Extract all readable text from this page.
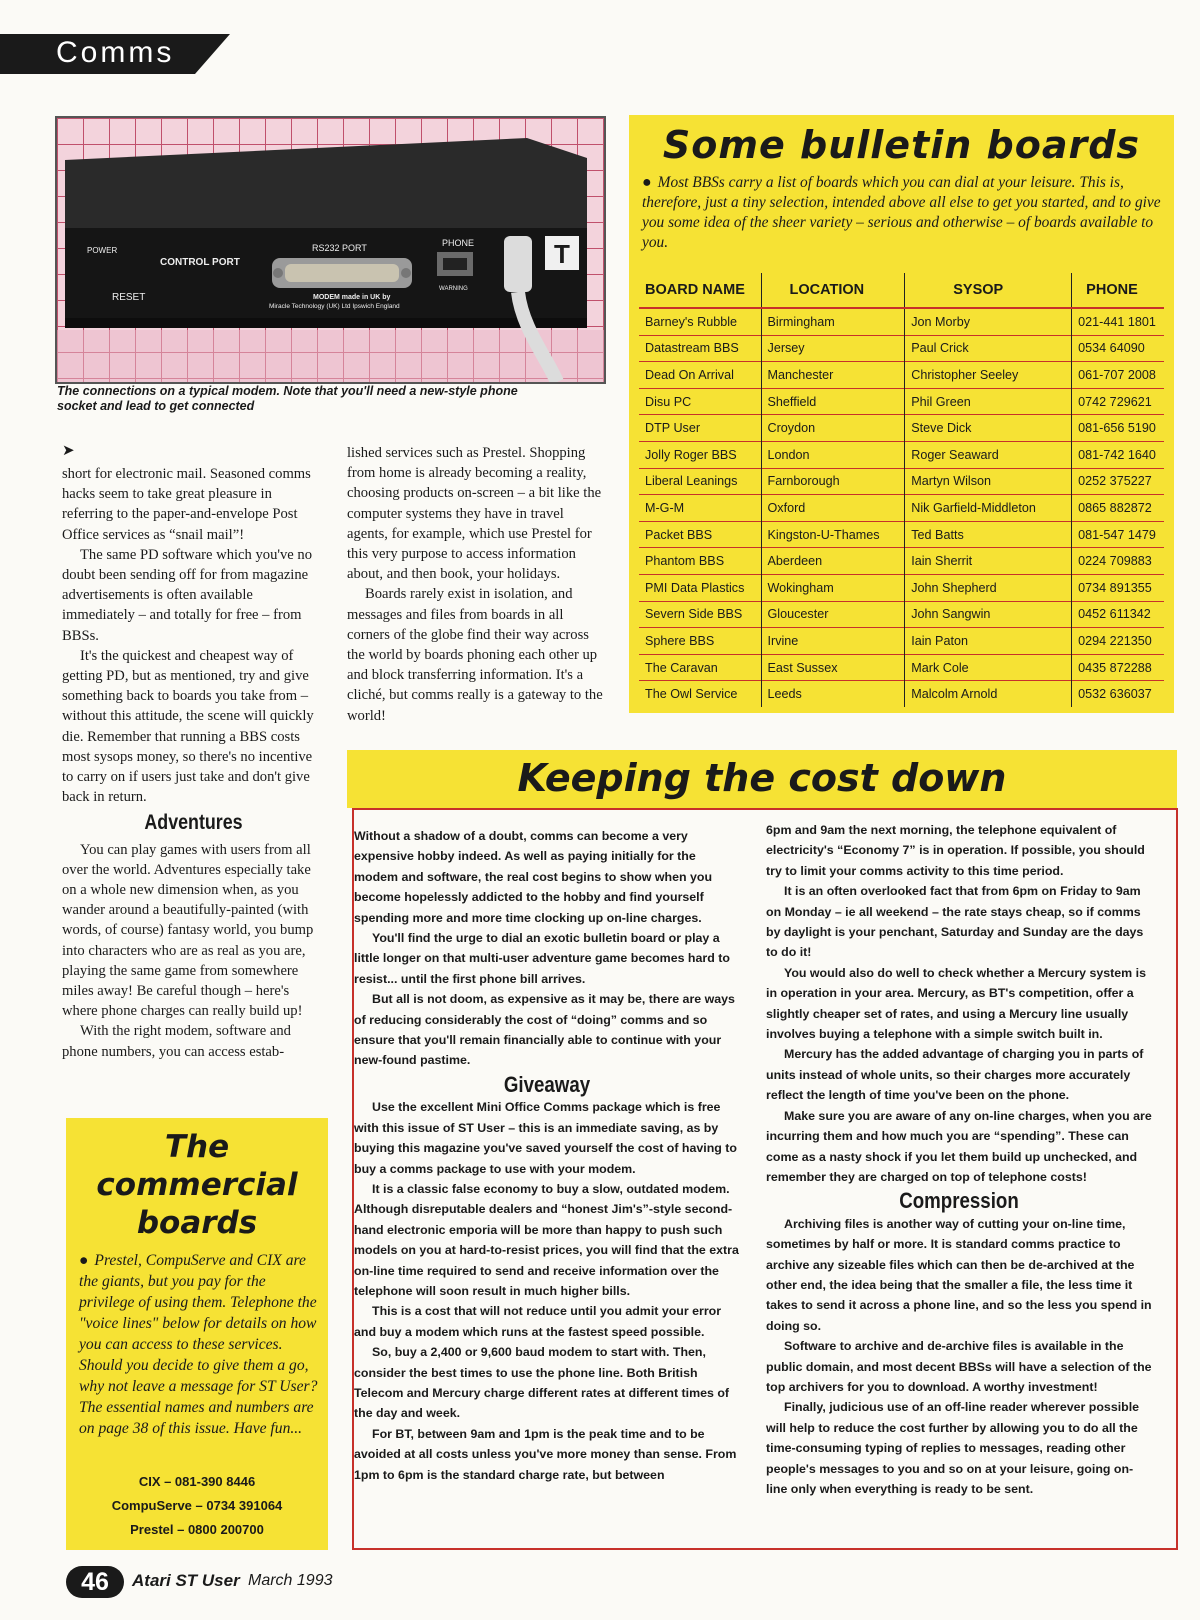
Comms
POWER
CONTROL PORT
RESET
RS232 PORT	PHONE
MODEM made in UK by
Miracle Technology (UK) Ltd Ipswich England
WARNING
T
The connections on a typical modem. Note that you'll need a new-style phone socket and lead to get connected
➤

short for electronic mail. Seasoned comms hacks seem to take great pleasure in referring to the paper-and-envelope Post Office services as “snail mail”!

The same PD software which you've no doubt been sending off for from magazine advertisements is often available immediately – and totally for free – from BBSs.

It's the quickest and cheapest way of getting PD, but as mentioned, try and give something back to boards you take from – without this attitude, the scene will quickly die. Remember that running a BBS costs most sysops money, so there's no incentive to carry on if users just take and don't give back in return.

Adventures

You can play games with users from all over the world. Adventures especially take on a whole new dimension when, as you wander around a beautifully-painted (with words, of course) fantasy world, you bump into characters who are as real as you are, playing the same game from somewhere miles away! Be careful though – here's where phone charges can really build up!

With the right modem, software and phone numbers, you can access estab-

lished services such as Prestel. Shopping from home is already becoming a reality, choosing products on-screen – a bit like the computer systems they have in travel agents, for example, which use Prestel for this very purpose to access information about, and then book, your holidays.

Boards rarely exist in isolation, and messages and files from boards in all corners of the globe find their way across the world by boards phoning each other up and block transferring information. It's a cliché, but comms really is a gateway to the world!

Some bulletin boards
● Most BBSs carry a list of boards which you can dial at your leisure. This is, therefore, just a tiny selection, intended above all else to get you started, and to give you some idea of the sheer variety – serious and otherwise – of boards available to you.
BOARD NAME	LOCATION	SYSOP	PHONE
Barney's Rubble	Birmingham	Jon Morby	021-441 1801
Datastream BBS	Jersey	Paul Crick	0534 64090
Dead On Arrival	Manchester	Christopher Seeley	061-707 2008
Disu PC	Sheffield	Phil Green	0742 729621
DTP User	Croydon	Steve Dick	081-656 5190
Jolly Roger BBS	London	Roger Seaward	081-742 1640
Liberal Leanings	Farnborough	Martyn Wilson	0252 375227
M-G-M	Oxford	Nik Garfield-Middleton	0865 882872
Packet BBS	Kingston-U-Thames	Ted Batts	081-547 1479
Phantom BBS	Aberdeen	Iain Sherrit	0224 709883
PMI Data Plastics	Wokingham	John Shepherd	0734 891355
Severn Side BBS	Gloucester	John Sangwin	0452 611342
Sphere BBS	Irvine	Iain Paton	0294 221350
The Caravan	East Sussex	Mark Cole	0435 872288
The Owl Service	Leeds	Malcolm Arnold	0532 636037
Keeping the cost down

Without a shadow of a doubt, comms can become a very expensive hobby indeed. As well as paying initially for the modem and software, the real cost begins to show when you become hopelessly addicted to the hobby and find yourself spending more and more time clocking up on-line charges.

You'll find the urge to dial an exotic bulletin board or play a little longer on that multi-user adventure game becomes hard to resist... until the first phone bill arrives.

But all is not doom, as expensive as it may be, there are ways of reducing considerably the cost of “doing” comms and so ensure that you'll remain financially able to continue with your new-found pastime.

Giveaway

Use the excellent Mini Office Comms package which is free with this issue of ST User – this is an immediate saving, as by buying this magazine you've saved yourself the cost of having to buy a comms package to use with your modem.

It is a classic false economy to buy a slow, outdated modem. Although disreputable dealers and “honest Jim's”-style second-hand electronic emporia will be more than happy to push such models on you at hard-to-resist prices, you will find that the extra on-line time required to send and receive information over the telephone will soon result in much higher bills.

This is a cost that will not reduce until you admit your error and buy a modem which runs at the fastest speed possible.

So, buy a 2,400 or 9,600 baud modem to start with. Then, consider the best times to use the phone line. Both British Telecom and Mercury charge different rates at different times of the day and week.

For BT, between 9am and 1pm is the peak time and to be avoided at all costs unless you've more money than sense. From 1pm to 6pm is the standard charge rate, but between

6pm and 9am the next morning, the telephone equivalent of electricity's “Economy 7” is in operation. If possible, you should try to limit your comms activity to this time period.

It is an often overlooked fact that from 6pm on Friday to 9am on Monday – ie all weekend – the rate stays cheap, so if comms by daylight is your penchant, Saturday and Sunday are the days to do it!

You would also do well to check whether a Mercury system is in operation in your area. Mercury, as BT's competition, offer a slightly cheaper set of rates, and using a Mercury line usually involves buying a telephone with a simple switch built in.

Mercury has the added advantage of charging you in parts of units instead of whole units, so their charges more accurately reflect the length of time you've been on the phone.

Make sure you are aware of any on-line charges, when you are incurring them and how much you are “spending”. These can come as a nasty shock if you let them build up unchecked, and remember they are charged on top of telephone costs!

Compression

Archiving files is another way of cutting your on-line time, sometimes by half or more. It is standard comms practice to archive any sizeable files which can then be de-archived at the other end, the idea being that the smaller a file, the less time it takes to send it across a phone line, and so the less you spend in doing so.

Software to archive and de-archive files is available in the public domain, and most decent BBSs will have a selection of the top archivers for you to download. A worthy investment!

Finally, judicious use of an off-line reader wherever possible will help to reduce the cost further by allowing you to do all the time-consuming typing of replies to messages, reading other people's messages to you and so on at your leisure, going on-line only when everything is ready to be sent.

The
commercial
boards
● Prestel, CompuServe and CIX are the giants, but you pay for the privilege of using them. Telephone the "voice lines" below for details on how you can access to these services. Should you decide to give them a go, why not leave a message for ST User? The essential names and numbers are on page 38 of this issue. Have fun...
CIX – 081-390 8446
CompuServe – 0734 391064
Prestel – 0800 200700
46	Atari ST User March 1993
